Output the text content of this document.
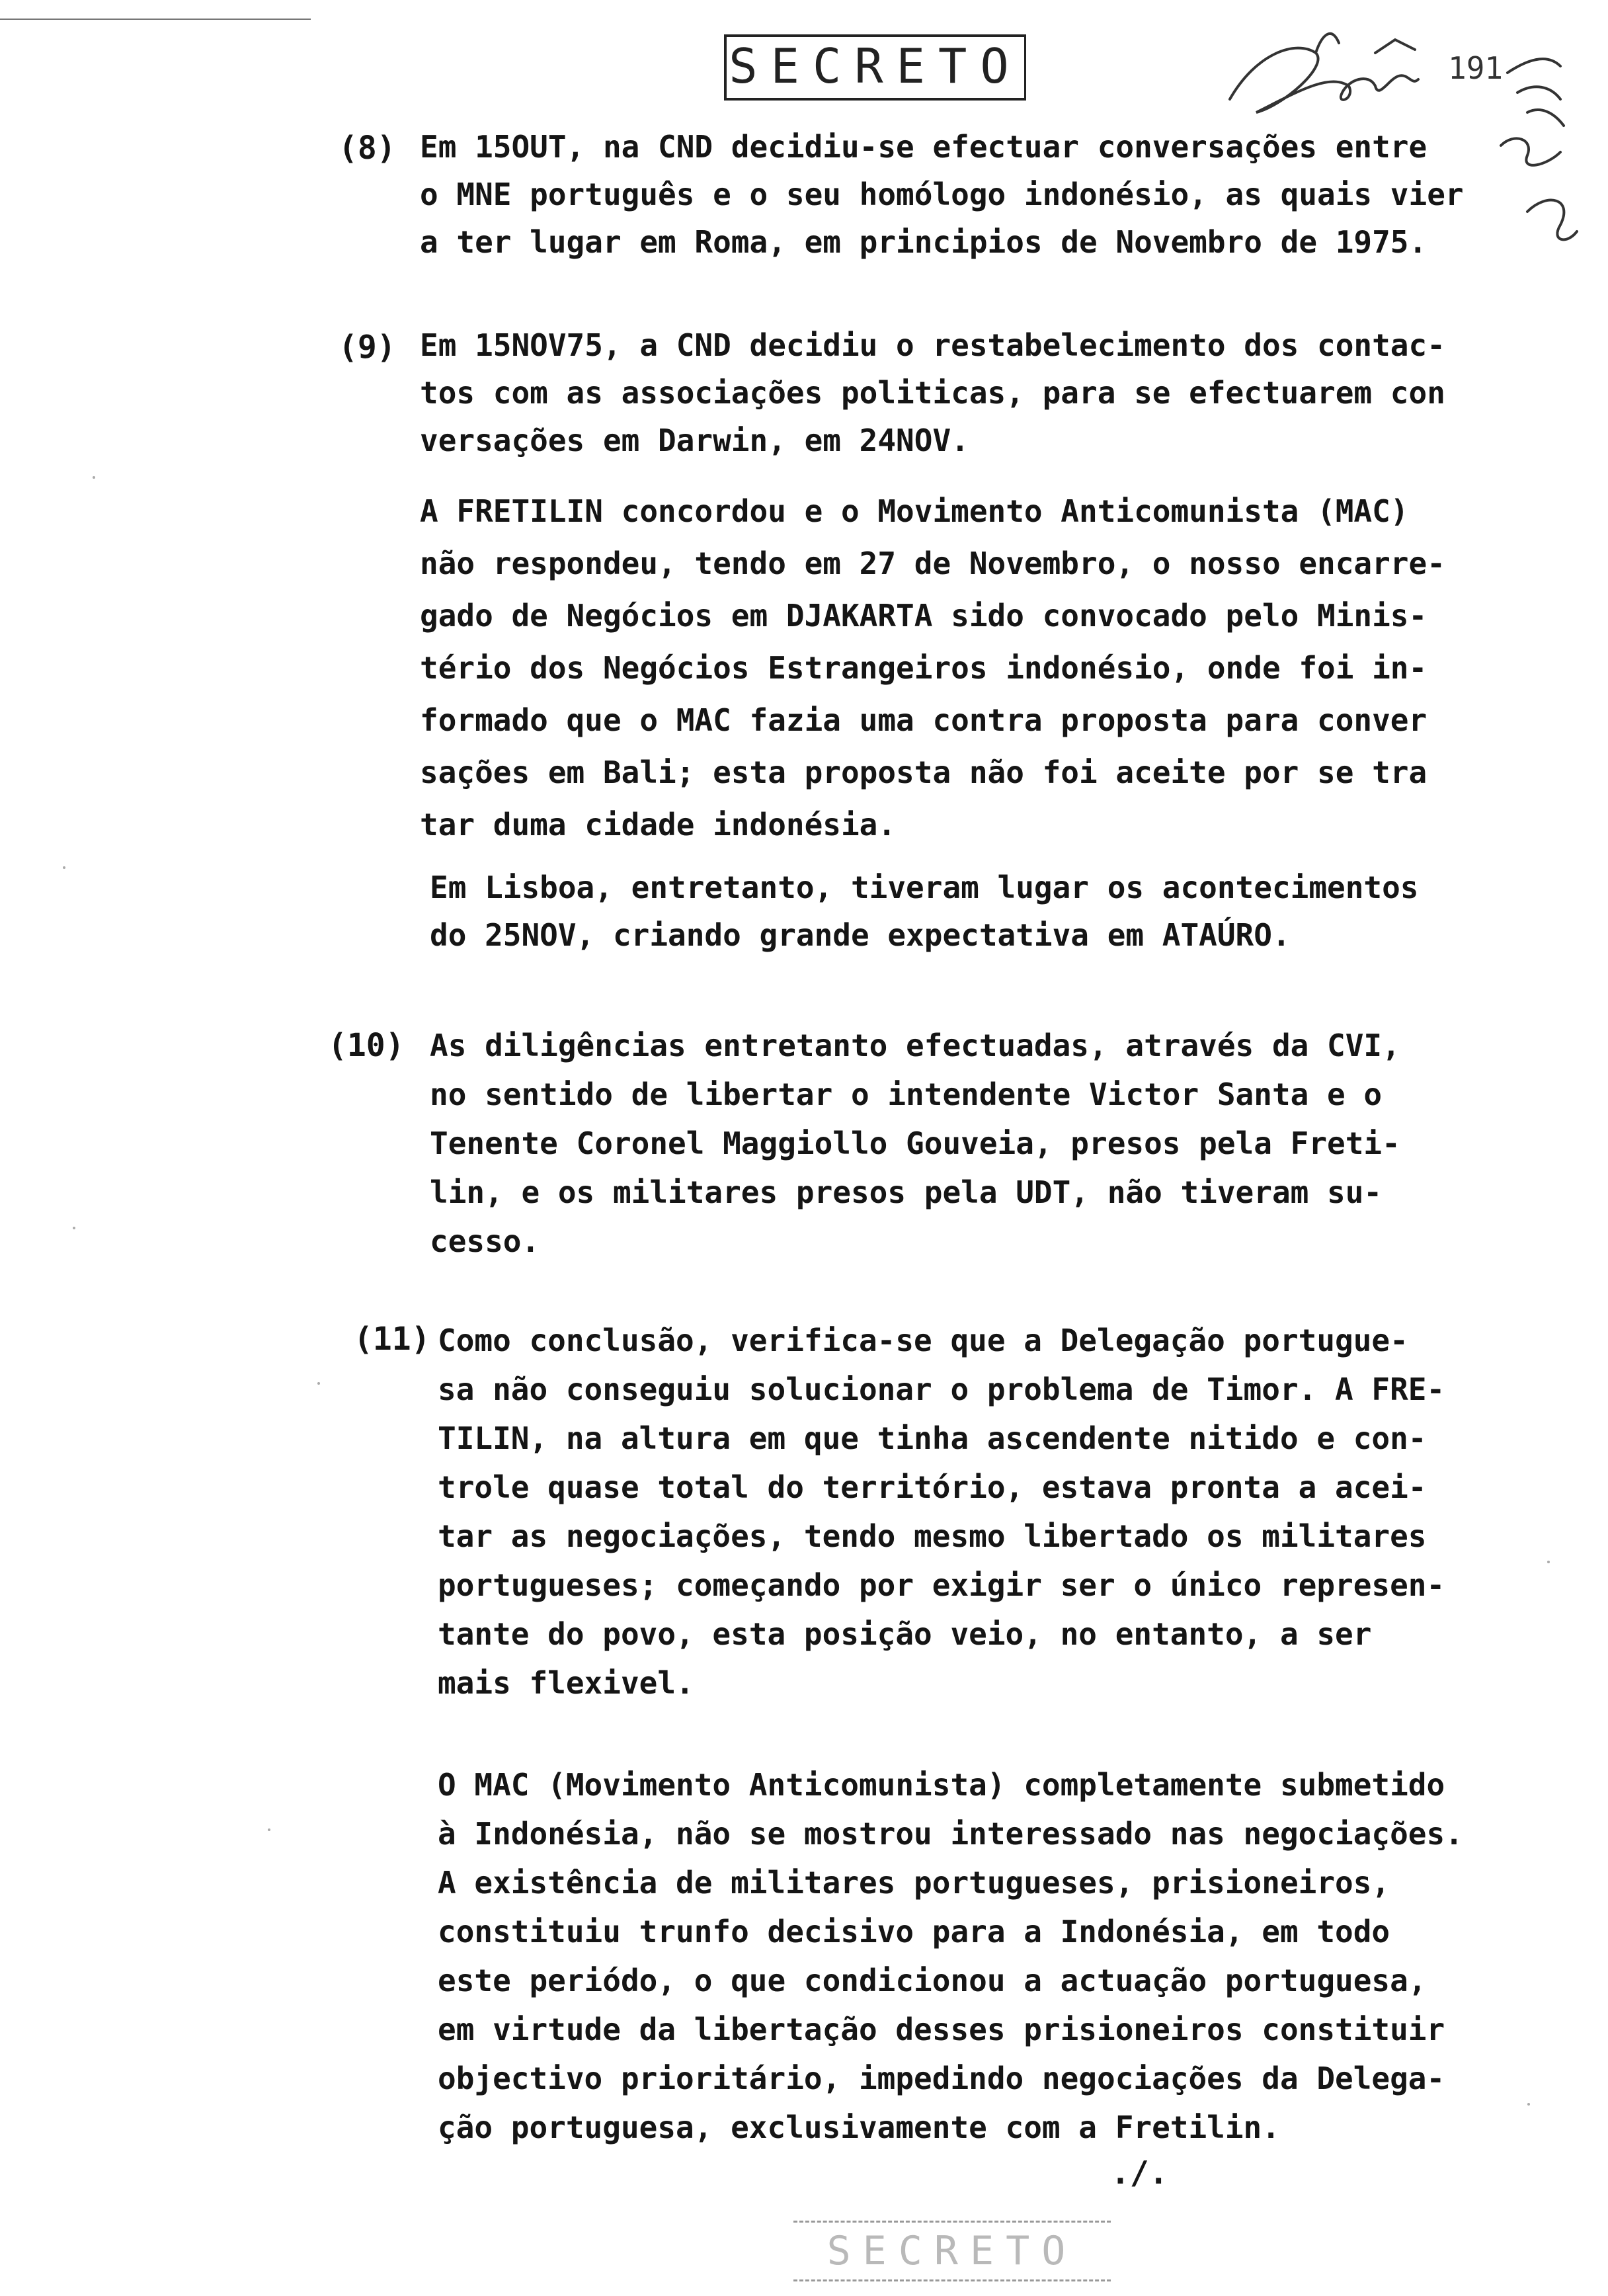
SECRETO	191
(8) Em 15OUT, na CND decidiu-se efectuar conversações entre

o MNE português e o seu homólogo indonésio, as quais vier

a ter lugar em Roma, em principios de Novembro de 1975.

(9) Em 15NOV75, a CND decidiu o restabelecimento dos contac-

tos com as associações politicas, para se efectuarem con

versações em Darwin, em 24NOV.

A FRETILIN concordou e o Movimento Anticomunista (MAC)

não respondeu, tendo em 27 de Novembro, o nosso encarre-

gado de Negócios em DJAKARTA sido convocado pelo Minis-

tério dos Negócios Estrangeiros indonésio, onde foi in-

formado que o MAC fazia uma contra proposta para conver

sações em Bali; esta proposta não foi aceite por se tra

tar duma cidade indonésia.

Em Lisboa, entretanto, tiveram lugar os acontecimentos

do 25NOV, criando grande expectativa em ATAÚRO.

(10) As diligências entretanto efectuadas, através da CVI,

no sentido de libertar o intendente Victor Santa e o

Tenente Coronel Maggiollo Gouveia, presos pela Freti-

lin, e os militares presos pela UDT, não tiveram su-

cesso.

(11) Como conclusão, verifica-se que a Delegação portugue-

sa não conseguiu solucionar o problema de Timor. A FRE-

TILIN, na altura em que tinha ascendente nitido e con-

trole quase total do território, estava pronta a acei-

tar as negociações, tendo mesmo libertado os militares

portugueses; começando por exigir ser o único represen-

tante do povo, esta posição veio, no entanto, a ser

mais flexivel.

O MAC (Movimento Anticomunista) completamente submetido

à Indonésia, não se mostrou interessado nas negociações.

A existência de militares portugueses, prisioneiros,

constituiu trunfo decisivo para a Indonésia, em todo

este periódo, o que condicionou a actuação portuguesa,

em virtude da libertação desses prisioneiros constituir

objectivo prioritário, impedindo negociações da Delega-

ção portuguesa, exclusivamente com a Fretilin.

./.
SECRETO
